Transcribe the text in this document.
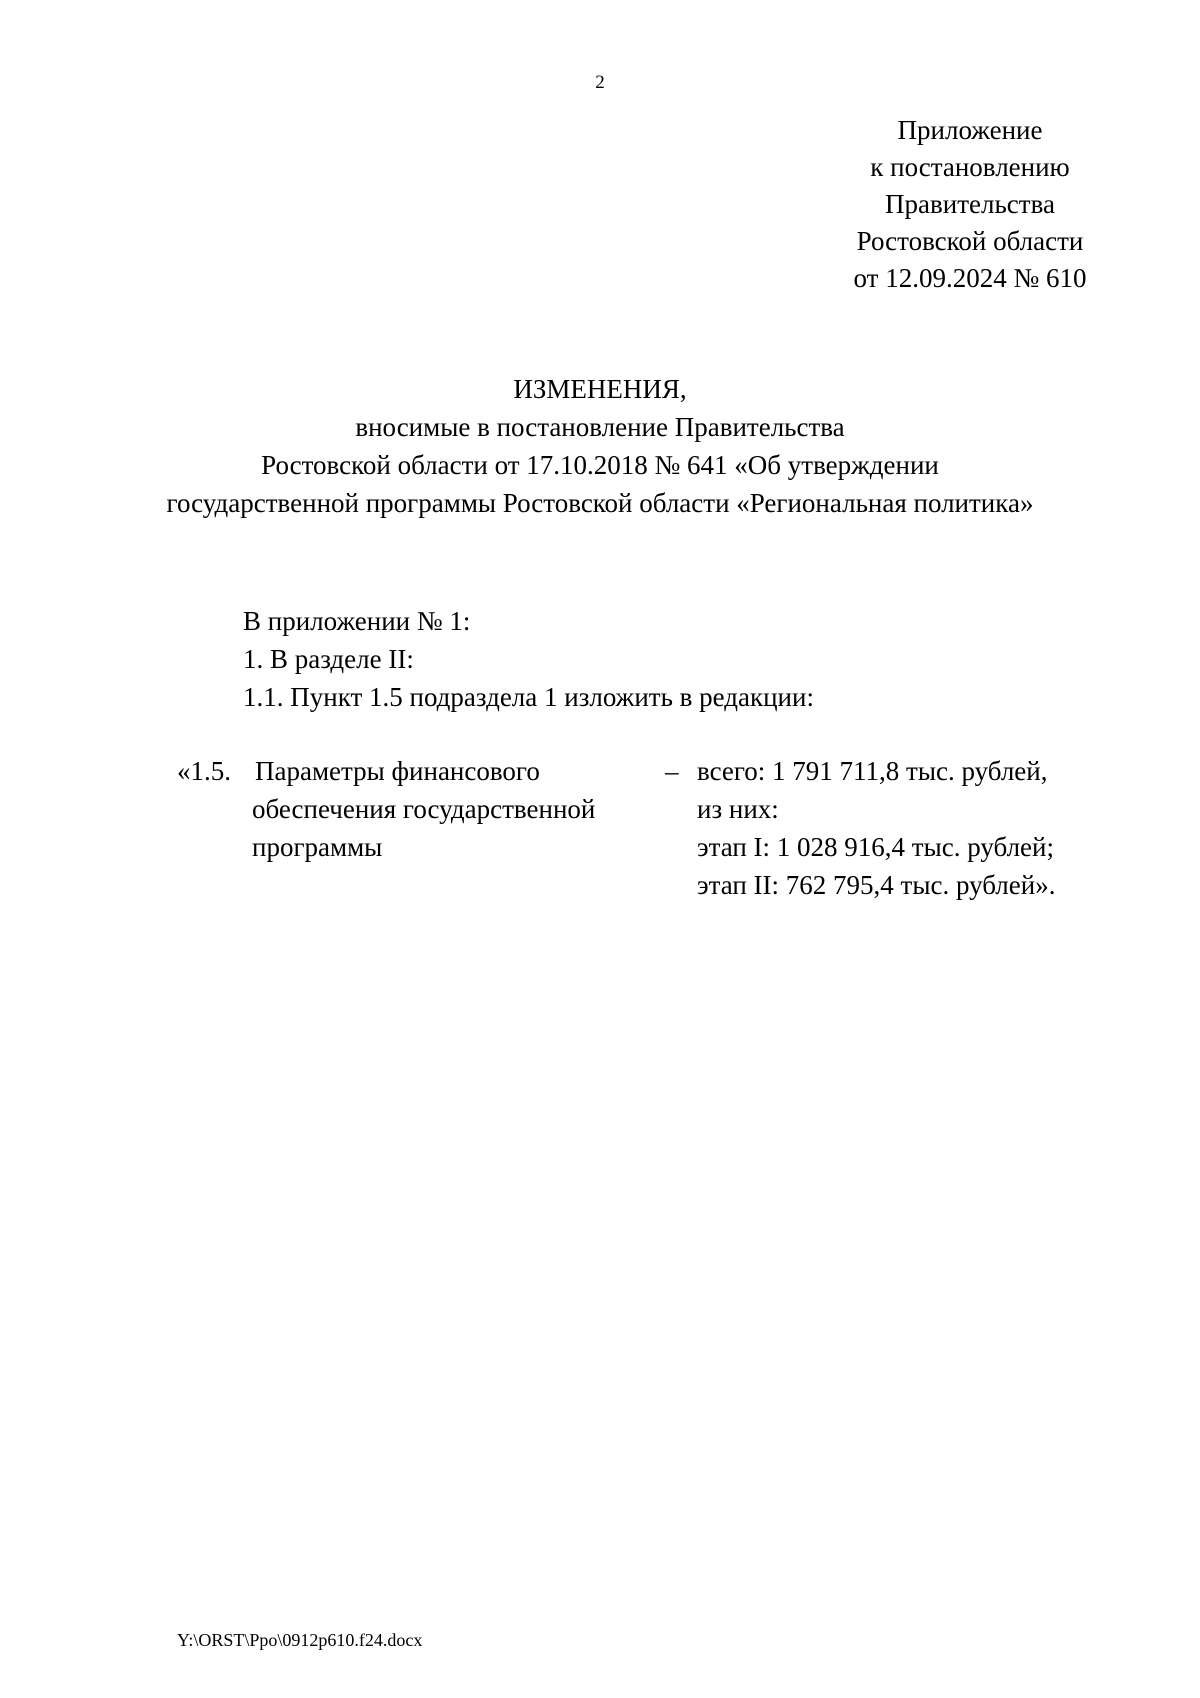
2
Приложение
к постановлению
Правительства
Ростовской области
от 12.09.2024 № 610
ИЗМЕНЕНИЯ,
вносимые в постановление Правительства
Ростовской области от 17.10.2018 № 641 «Об утверждении
государственной программы Ростовской области «Региональная политика»
В приложении № 1:
1. В разделе II:
1.1. Пункт 1.5 подраздела 1 изложить в редакции:
«1.5. Параметры финансового
обеспечения государственной
программы
– всего: 1 791 711,8 тыс. рублей,
из них:
этап I: 1 028 916,4 тыс. рублей;
этап II: 762 795,4 тыс. рублей».
Y:\ORST\Ppo\0912p610.f24.docx
